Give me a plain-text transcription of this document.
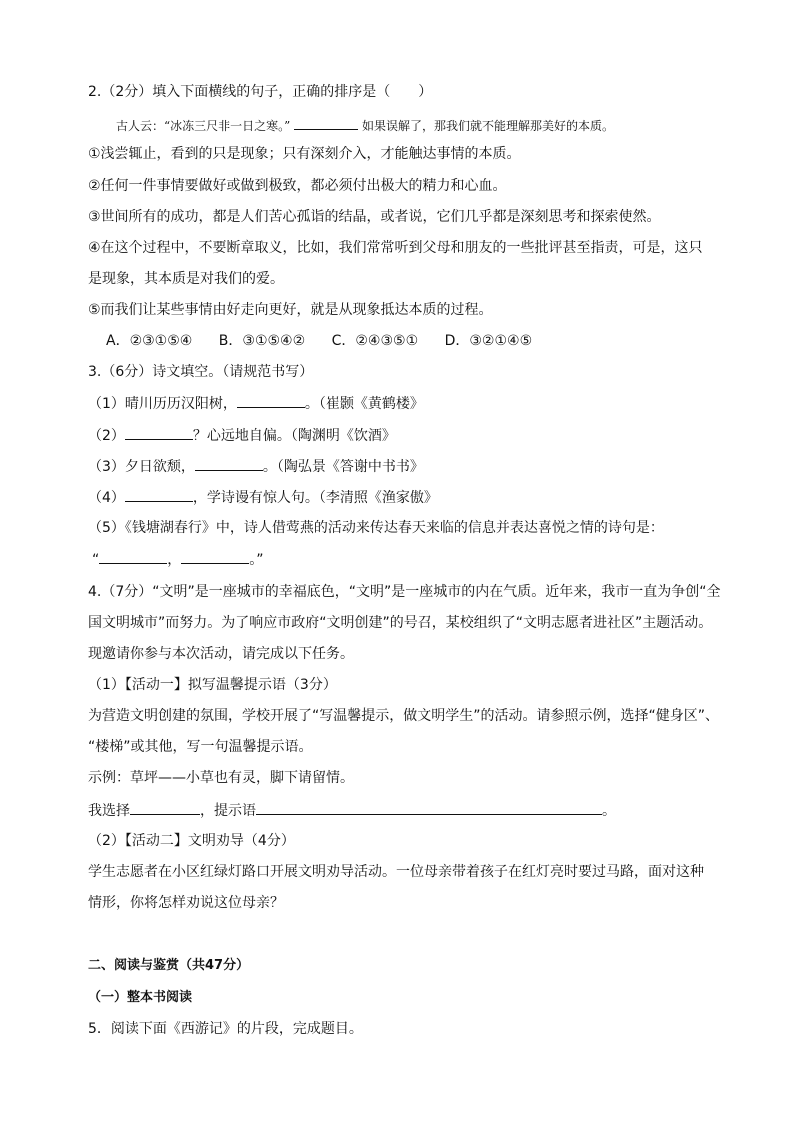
2.（2分）填入下面横线的句子，正确的排序是（　　）
古人云：“冰冻三尺非一日之寒。”	如果误解了，那我们就不能理解那美好的本质。
①浅尝辄止，看到的只是现象；只有深刻介入，才能触达事情的本质。
②任何一件事情要做好或做到极致，都必须付出极大的精力和心血。
③世间所有的成功，都是人们苦心孤诣的结晶，或者说，它们几乎都是深刻思考和探索使然。
④在这个过程中，不要断章取义，比如，我们常常听到父母和朋友的一些批评甚至指责，可是，这只
是现象，其本质是对我们的爱。
⑤而我们让某些事情由好走向更好，就是从现象抵达本质的过程。
A．②③①⑤④ B．③①⑤④② C．②④③⑤① D．③②①④⑤
3.（6分）诗文填空。（请规范书写）
（1）晴川历历汉阳树，	。（崔颢《黄鹤楼》
（2）	？心远地自偏。（陶渊明《饮酒》
（3）夕日欲颓，	。（陶弘景《答谢中书书》
（4）	，学诗谩有惊人句。（李清照《渔家傲》
（5）《钱塘湖春行》中，诗人借莺燕的活动来传达春天来临的信息并表达喜悦之情的诗句是：
“	，	。”
4.（7分）“文明”是一座城市的幸福底色，“文明”是一座城市的内在气质。近年来，我市一直为争创“全
国文明城市”而努力。为了响应市政府“文明创建”的号召，某校组织了“文明志愿者进社区”主题活动。
现邀请你参与本次活动，请完成以下任务。
（1）【活动一】拟写温馨提示语（3分）
为营造文明创建的氛围，学校开展了“写温馨提示，做文明学生”的活动。请参照示例，选择“健身区”、
“楼梯”或其他，写一句温馨提示语。
示例：草坪——小草也有灵，脚下请留情。
我选择	，提示语	。
（2）【活动二】文明劝导（4分）
学生志愿者在小区红绿灯路口开展文明劝导活动。一位母亲带着孩子在红灯亮时要过马路，面对这种
情形，你将怎样劝说这位母亲？
二、阅读与鉴赏（共47分）
（一）整本书阅读
5．阅读下面《西游记》的片段，完成题目。
